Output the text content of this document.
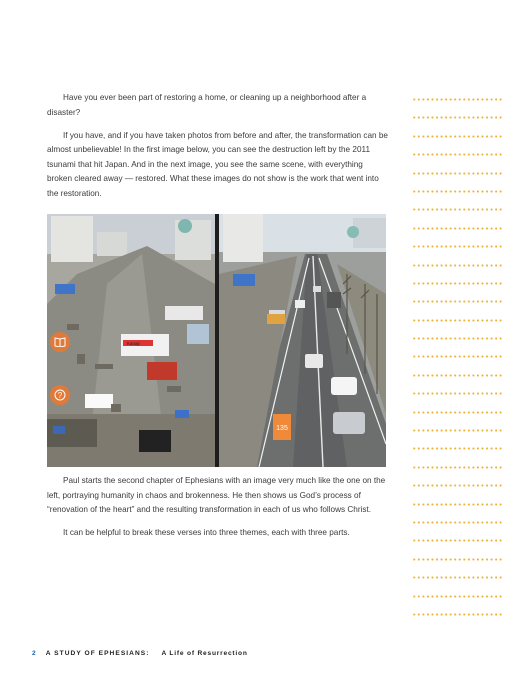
Have you ever been part of restoring a home, or cleaning up a neighborhood after a disaster?

If you have, and if you have taken photos from before and after, the transformation can be almost unbelievable! In the first image below, you can see the destruction left by the 2011 tsunami that hit Japan. And in the next image, you see the same scene, with everything broken cleared away — restored. What these images do not show is the work that went into the restoration.

135
Kanaji
?

Paul starts the second chapter of Ephesians with an image very much like the one on the left, portraying humanity in chaos and brokenness. He then shows us God’s process of “renovation of the heart” and the resulting transformation in each of us who follows Christ.

It can be helpful to break these verses into three themes, each with three parts.

2 A STUDY OF EPHESIANS: A Life of Resurrection
